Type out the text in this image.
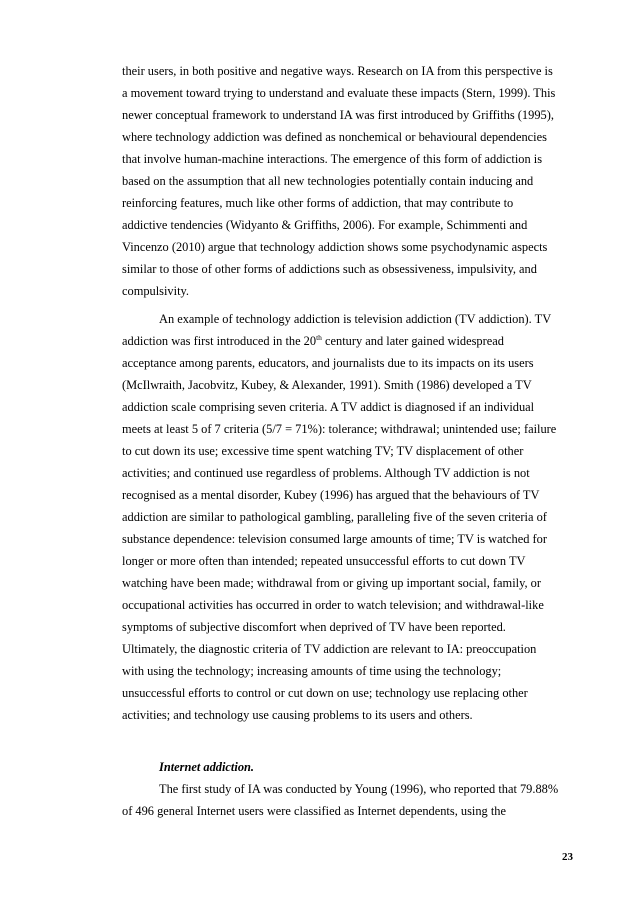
their users, in both positive and negative ways. Research on IA from this perspective is
a movement toward trying to understand and evaluate these impacts (Stern, 1999). This
newer conceptual framework to understand IA was first introduced by Griffiths (1995),
where technology addiction was defined as nonchemical or behavioural dependencies
that involve human-machine interactions. The emergence of this form of addiction is
based on the assumption that all new technologies potentially contain inducing and
reinforcing features, much like other forms of addiction, that may contribute to
addictive tendencies (Widyanto & Griffiths, 2006). For example, Schimmenti and
Vincenzo (2010) argue that technology addiction shows some psychodynamic aspects
similar to those of other forms of addictions such as obsessiveness, impulsivity, and
compulsivity.
An example of technology addiction is television addiction (TV addiction). TV
addiction was first introduced in the 20th century and later gained widespread
acceptance among parents, educators, and journalists due to its impacts on its users
(McIlwraith, Jacobvitz, Kubey, & Alexander, 1991). Smith (1986) developed a TV
addiction scale comprising seven criteria. A TV addict is diagnosed if an individual
meets at least 5 of 7 criteria (5/7 = 71%): tolerance; withdrawal; unintended use; failure
to cut down its use; excessive time spent watching TV; TV displacement of other
activities; and continued use regardless of problems. Although TV addiction is not
recognised as a mental disorder, Kubey (1996) has argued that the behaviours of TV
addiction are similar to pathological gambling, paralleling five of the seven criteria of
substance dependence: television consumed large amounts of time; TV is watched for
longer or more often than intended; repeated unsuccessful efforts to cut down TV
watching have been made; withdrawal from or giving up important social, family, or
occupational activities has occurred in order to watch television; and withdrawal-like
symptoms of subjective discomfort when deprived of TV have been reported.
Ultimately, the diagnostic criteria of TV addiction are relevant to IA: preoccupation
with using the technology; increasing amounts of time using the technology;
unsuccessful efforts to control or cut down on use; technology use replacing other
activities; and technology use causing problems to its users and others.
Internet addiction.
The first study of IA was conducted by Young (1996), who reported that 79.88%
of 496 general Internet users were classified as Internet dependents, using the
23
